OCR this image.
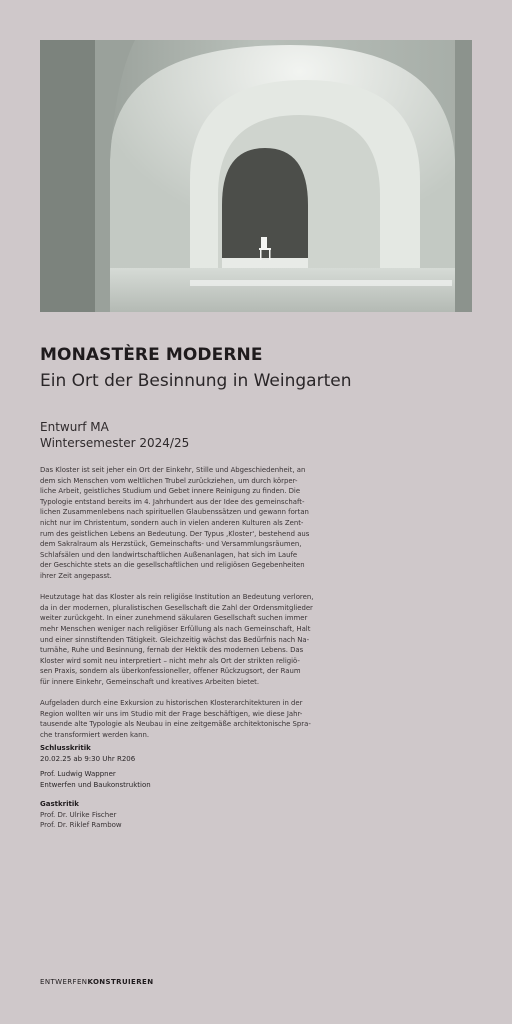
MONASTÈRE MODERNE
Ein Ort der Besinnung in Weingarten
Entwurf MA
Wintersemester 2024/25

Das Kloster ist seit jeher ein Ort der Einkehr, Stille und Abgeschiedenheit, an
dem sich Menschen vom weltlichen Trubel zurückziehen, um durch körper-
liche Arbeit, geistliches Studium und Gebet innere Reinigung zu finden. Die
Typologie entstand bereits im 4. Jahrhundert aus der Idee des gemeinschaft-
lichen Zusammenlebens nach spirituellen Glaubenssätzen und gewann fortan
nicht nur im Christentum, sondern auch in vielen anderen Kulturen als Zent-
rum des geistlichen Lebens an Bedeutung. Der Typus ‚Kloster', bestehend aus
dem Sakralraum als Herzstück, Gemeinschafts- und Versammlungsräumen,
Schlafsälen und den landwirtschaftlichen Außenanlagen, hat sich im Laufe
der Geschichte stets an die gesellschaftlichen und religiösen Gegebenheiten
ihrer Zeit angepasst.

Heutzutage hat das Kloster als rein religiöse Institution an Bedeutung verloren,
da in der modernen, pluralistischen Gesellschaft die Zahl der Ordensmitglieder
weiter zurückgeht. In einer zunehmend säkularen Gesellschaft suchen immer
mehr Menschen weniger nach religiöser Erfüllung als nach Gemeinschaft, Halt
und einer sinnstiftenden Tätigkeit. Gleichzeitig wächst das Bedürfnis nach Na-
turnähe, Ruhe und Besinnung, fernab der Hektik des modernen Lebens. Das
Kloster wird somit neu interpretiert – nicht mehr als Ort der strikten religiö-
sen Praxis, sondern als überkonfessioneller, offener Rückzugsort, der Raum
für innere Einkehr, Gemeinschaft und kreatives Arbeiten bietet.

Aufgeladen durch eine Exkursion zu historischen Klosterarchitekturen in der
Region wollten wir uns im Studio mit der Frage beschäftigen, wie diese Jahr-
tausende alte Typologie als Neubau in eine zeitgemäße architektonische Spra-
che transformiert werden kann.

Schlusskritik
20.02.25 ab 9:30 Uhr R206
Prof. Ludwig Wappner
Entwerfen und Baukonstruktion
Gastkritik
Prof. Dr. Ulrike Fischer
Prof. Dr. Riklef Rambow
ENTWERFENKONSTRUIEREN
